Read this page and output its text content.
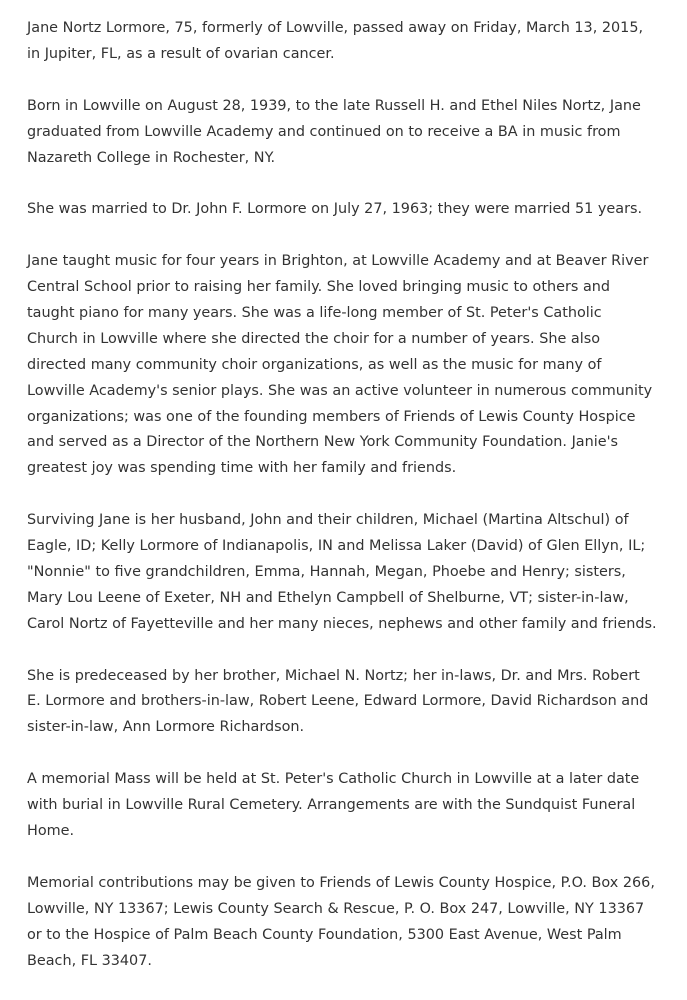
Jane Nortz Lormore, 75, formerly of Lowville, passed away on Friday, March 13, 2015, in Jupiter, FL, as a result of ovarian cancer.

Born in Lowville on August 28, 1939, to the late Russell H. and Ethel Niles Nortz, Jane graduated from Lowville Academy and continued on to receive a BA in music from Nazareth College in Rochester, NY.

She was married to Dr. John F. Lormore on July 27, 1963; they were married 51 years.

Jane taught music for four years in Brighton, at Lowville Academy and at Beaver River Central School prior to raising her family. She loved bringing music to others and taught piano for many years. She was a life-long member of St. Peter's Catholic Church in Lowville where she directed the choir for a number of years. She also directed many community choir organizations, as well as the music for many of Lowville Academy's senior plays. She was an active volunteer in numerous community organizations; was one of the founding members of Friends of Lewis County Hospice and served as a Director of the Northern New York Community Foundation. Janie's greatest joy was spending time with her family and friends.

Surviving Jane is her husband, John and their children, Michael (Martina Altschul) of Eagle, ID; Kelly Lormore of Indianapolis, IN and Melissa Laker (David) of Glen Ellyn, IL; "Nonnie" to five grandchildren, Emma, Hannah, Megan, Phoebe and Henry; sisters, Mary Lou Leene of Exeter, NH and Ethelyn Campbell of Shelburne, VT; sister-in-law, Carol Nortz of Fayetteville and her many nieces, nephews and other family and friends.

She is predeceased by her brother, Michael N. Nortz; her in-laws, Dr. and Mrs. Robert E. Lormore and brothers-in-law, Robert Leene, Edward Lormore, David Richardson and sister-in-law, Ann Lormore Richardson.

A memorial Mass will be held at St. Peter's Catholic Church in Lowville at a later date with burial in Lowville Rural Cemetery. Arrangements are with the Sundquist Funeral Home.

Memorial contributions may be given to Friends of Lewis County Hospice, P.O. Box 266, Lowville, NY 13367; Lewis County Search & Rescue, P. O. Box 247, Lowville, NY 13367 or to the Hospice of Palm Beach County Foundation, 5300 East Avenue, West Palm Beach, FL 33407.
